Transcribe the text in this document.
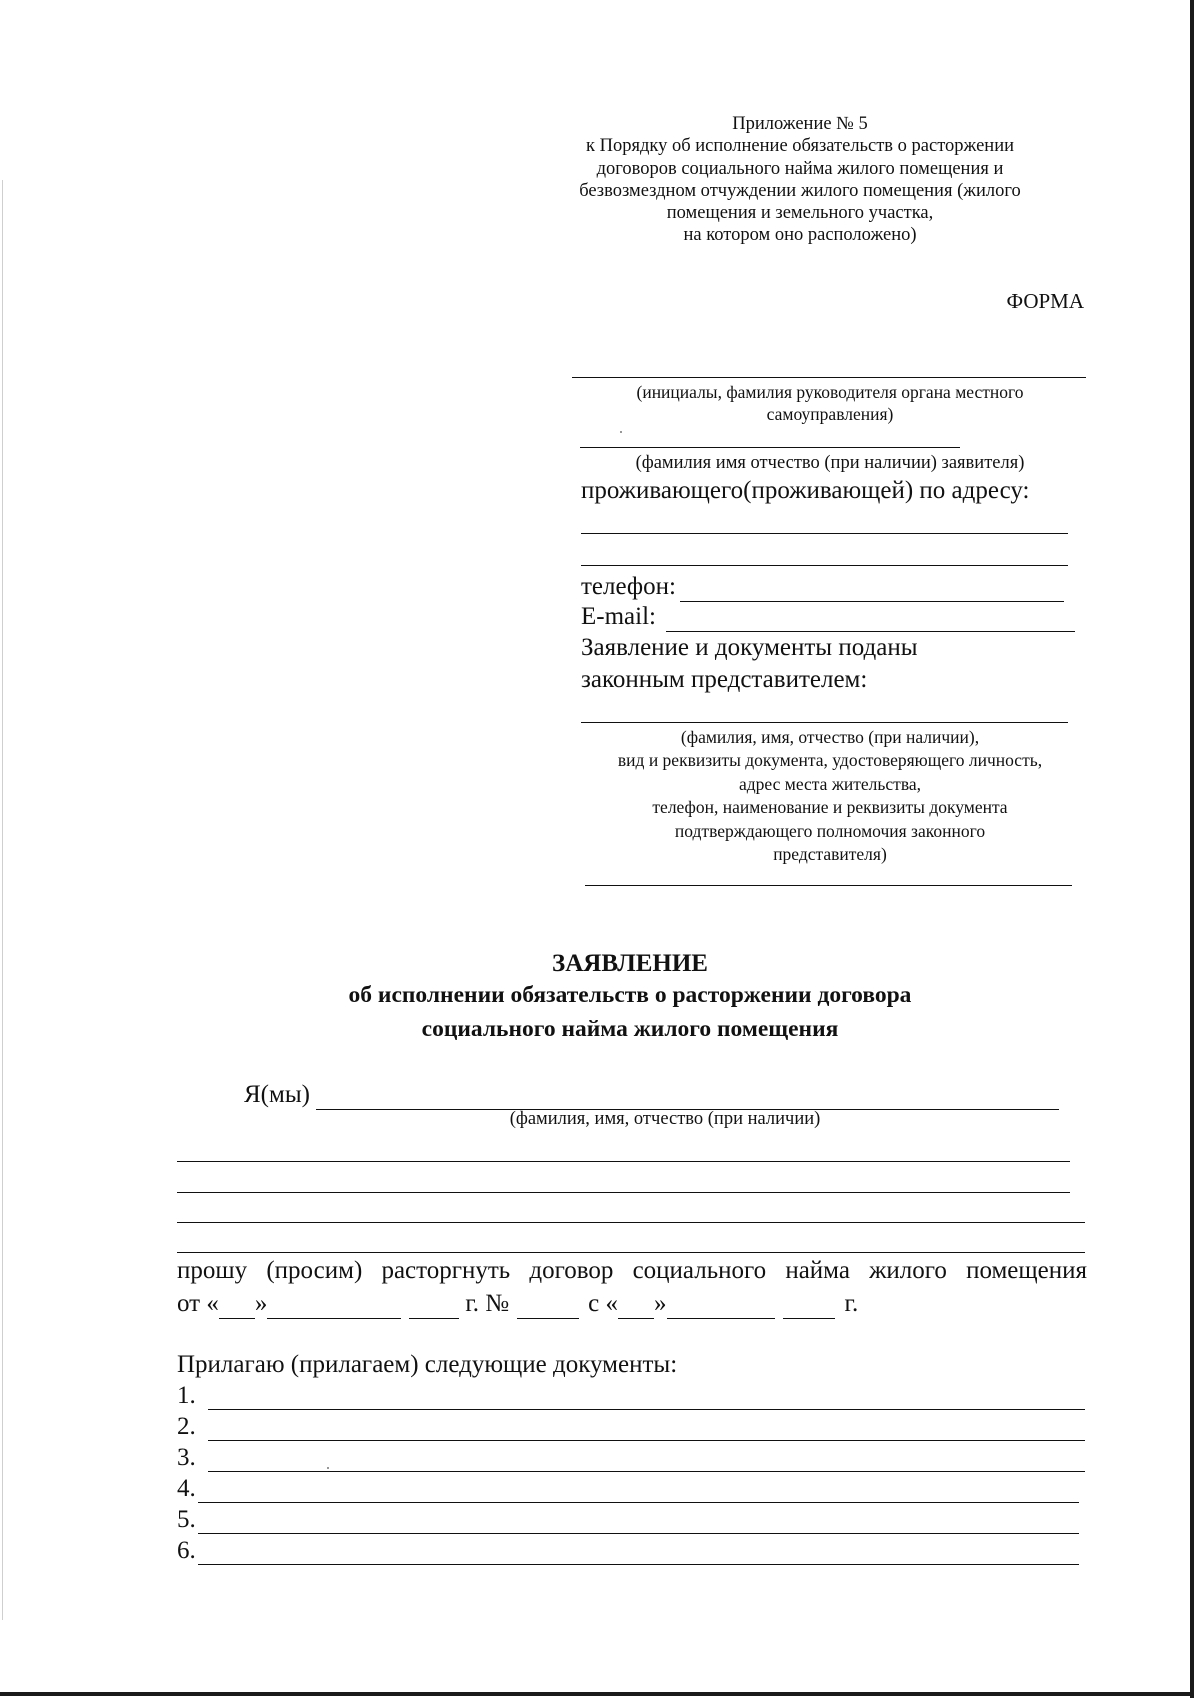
Приложение № 5
к Порядку об исполнение обязательств о расторжении
договоров социального найма жилого помещения и
безвозмездном отчуждении жилого помещения (жилого
помещения и земельного участка,
на котором оно расположено)
ФОРМА
(инициалы, фамилия руководителя органа местного
самоуправления)
(фамилия имя отчество (при наличии) заявителя)
проживающего(проживающей) по адресу:
телефон:
E-mail:
Заявление и документы поданы
законным представителем:
(фамилия, имя, отчество (при наличии),
вид и реквизиты документа, удостоверяющего личность,
адрес места жительства,
телефон, наименование и реквизиты документа
подтверждающего полномочия законного
представителя)
ЗАЯВЛЕНИЕ
об исполнении обязательств о расторжении договора
социального найма жилого помещения
Я(мы)
(фамилия, имя, отчество (при наличии)
прошу (просим) расторгнуть договор социального найма жилого помещения
от « »	г. №	с « »	г.
Прилагаю (прилагаем) следующие документы:
1.
2.
3.
4.
5.
6.
